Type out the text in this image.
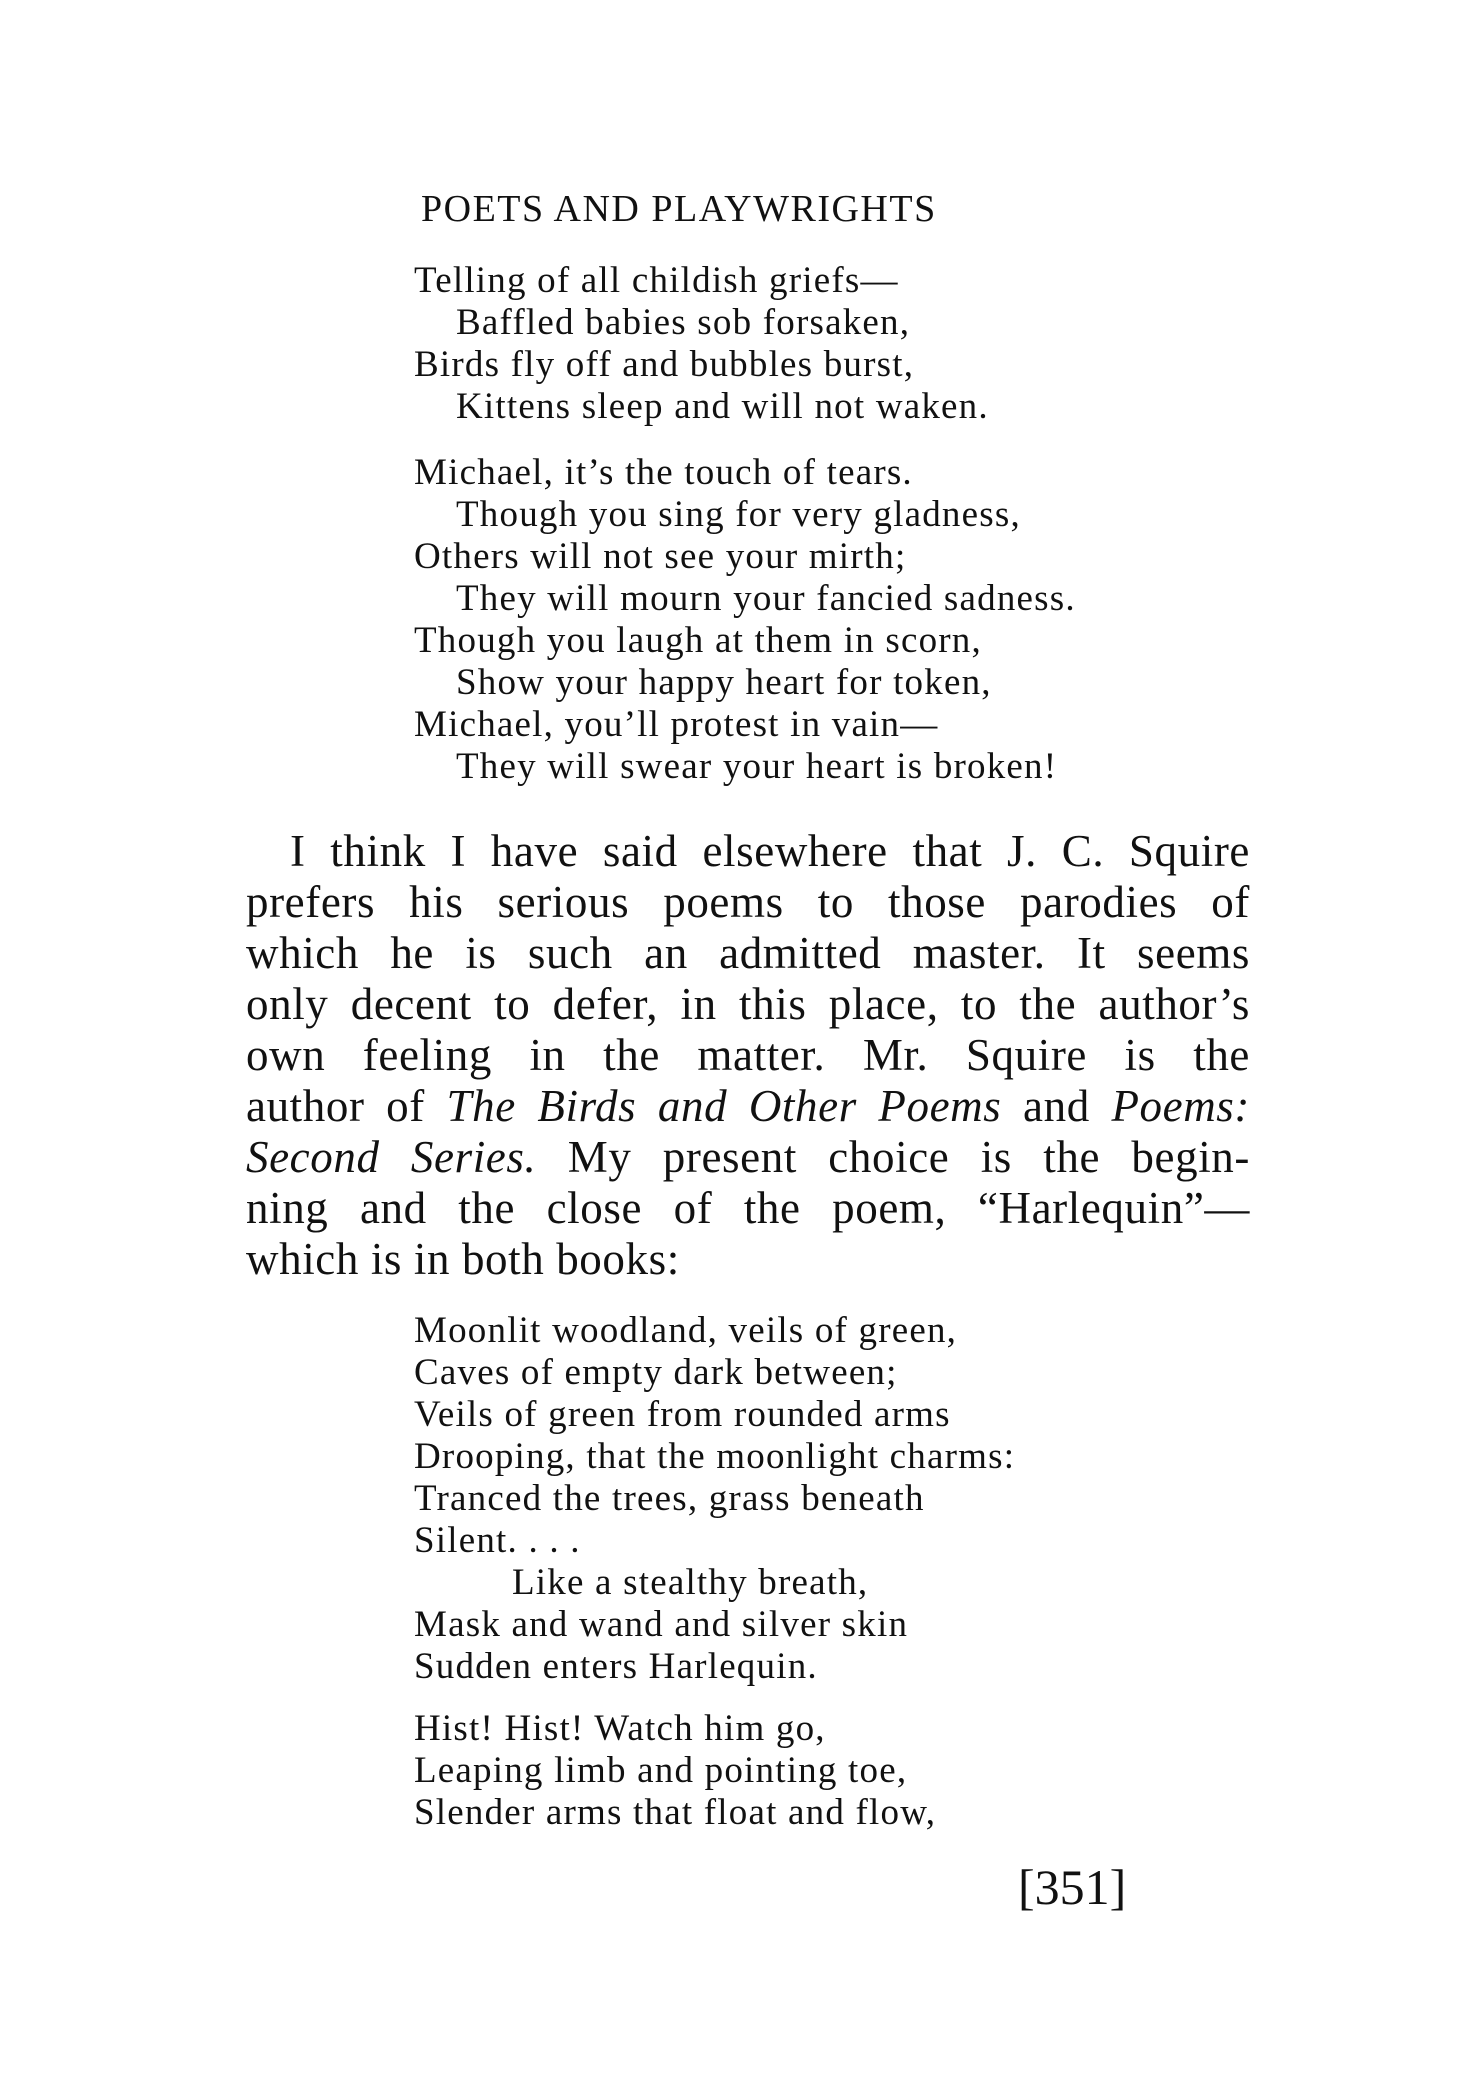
POETS AND PLAYWRIGHTS
Telling of all childish griefs—
Baffled babies sob forsaken,
Birds fly off and bubbles burst,
Kittens sleep and will not waken.
Michael, it’s the touch of tears.
Though you sing for very gladness,
Others will not see your mirth;
They will mourn your fancied sadness.
Though you laugh at them in scorn,
Show your happy heart for token,
Michael, you’ll protest in vain—
They will swear your heart is broken!
I think I have said elsewhere that J. C. Squire
prefers his serious poems to those parodies of
which he is such an admitted master. It seems
only decent to defer, in this place, to the author’s
own feeling in the matter. Mr. Squire is the
author of The Birds and Other Poems and Poems:
Second Series. My present choice is the begin-
ning and the close of the poem, “Harlequin”—
which is in both books:
Moonlit woodland, veils of green,
Caves of empty dark between;
Veils of green from rounded arms
Drooping, that the moonlight charms:
Tranced the trees, grass beneath
Silent. . . .
Like a stealthy breath,
Mask and wand and silver skin
Sudden enters Harlequin.
Hist! Hist! Watch him go,
Leaping limb and pointing toe,
Slender arms that float and flow,
[351]
